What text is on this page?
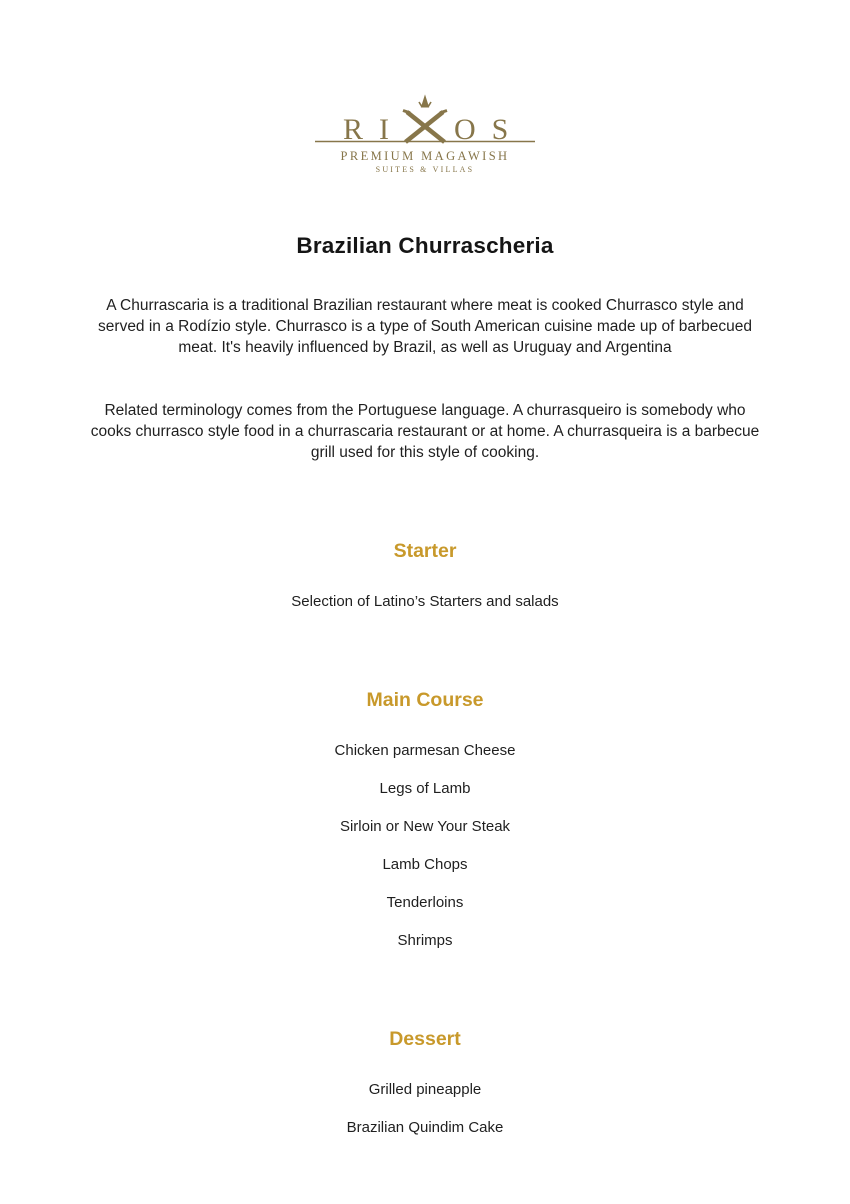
RI OS
PREMIUM MAGAWISH
SUITES & VILLAS
Brazilian Churrascheria

A Churrascaria is a traditional Brazilian restaurant where meat is cooked Churrasco style and served in a Rodízio style. Churrasco is a type of South American cuisine made up of barbecued meat. It's heavily influenced by Brazil, as well as Uruguay and Argentina

Related terminology comes from the Portuguese language. A churrasqueiro is somebody who cooks churrasco style food in a churrascaria restaurant or at home. A churrasqueira is a barbecue grill used for this style of cooking.

Starter
Selection of Latino’s Starters and salads
Main Course
Chicken parmesan Cheese
Legs of Lamb
Sirloin or New Your Steak
Lamb Chops
Tenderloins
Shrimps
Dessert
Grilled pineapple
Brazilian Quindim Cake
